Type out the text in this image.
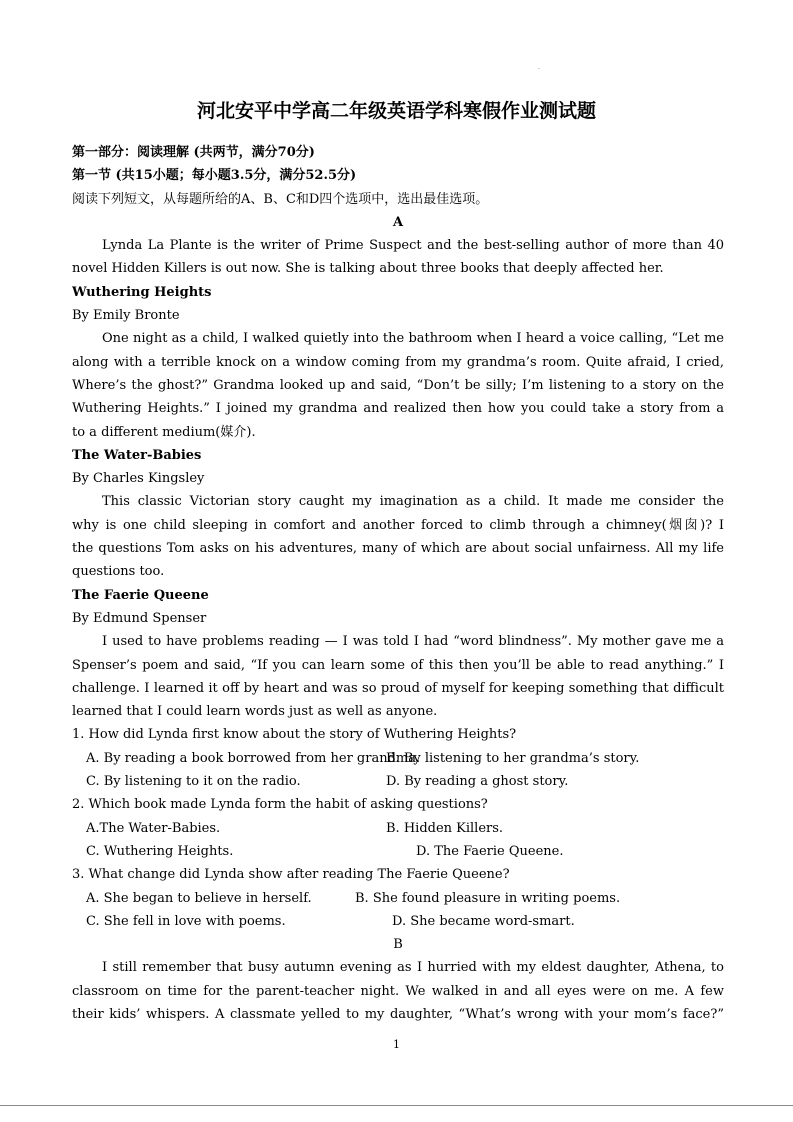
.
河北安平中学高二年级英语学科寒假作业测试题
第一部分：阅读理解 (共两节，满分70分)
第一节 (共15小题；每小题3.5分，满分52.5分)
阅读下列短文，从每题所给的A、B、C和D四个选项中，选出最佳选项。
A
Lynda La Plante is the writer of Prime Suspect and the best-selling author of more than 40
novel Hidden Killers is out now. She is talking about three books that deeply affected her.
Wuthering Heights
By Emily Bronte
One night as a child, I walked quietly into the bathroom when I heard a voice calling, “Let me
along with a terrible knock on a window coming from my grandma’s room. Quite afraid, I cried,
Where’s the ghost?” Grandma looked up and said, “Don’t be silly; I’m listening to a story on the
Wuthering Heights.” I joined my grandma and realized then how you could take a story from a
to a different medium(媒介).
The Water-Babies
By Charles Kingsley
This classic Victorian story caught my imagination as a child. It made me consider the
why is one child sleeping in comfort and another forced to climb through a chimney(烟囱)? I
the questions Tom asks on his adventures, many of which are about social unfairness. All my life
questions too.
The Faerie Queene
By Edmund Spenser
I used to have problems reading — I was told I had “word blindness”. My mother gave me a
Spenser’s poem and said, “If you can learn some of this then you’ll be able to read anything.” I
challenge. I learned it off by heart and was so proud of myself for keeping something that difficult
learned that I could learn words just as well as anyone.
1. How did Lynda first know about the story of Wuthering Heights?
A. By reading a book borrowed from her grandma.
B. By listening to her grandma’s story.
C. By listening to it on the radio.	D. By reading a ghost story.
2. Which book made Lynda form the habit of asking questions?
A.The Water-Babies.	B. Hidden Killers.
C. Wuthering Heights.	D. The Faerie Queene.
3. What change did Lynda show after reading The Faerie Queene?
A. She began to believe in herself.	B. She found pleasure in writing poems.
C. She fell in love with poems.	D. She became word-smart.
B
I still remember that busy autumn evening as I hurried with my eldest daughter, Athena, to
classroom on time for the parent-teacher night. We walked in and all eyes were on me. A few
their kids’ whispers. A classmate yelled to my daughter, “What’s wrong with your mom’s face?”
1
